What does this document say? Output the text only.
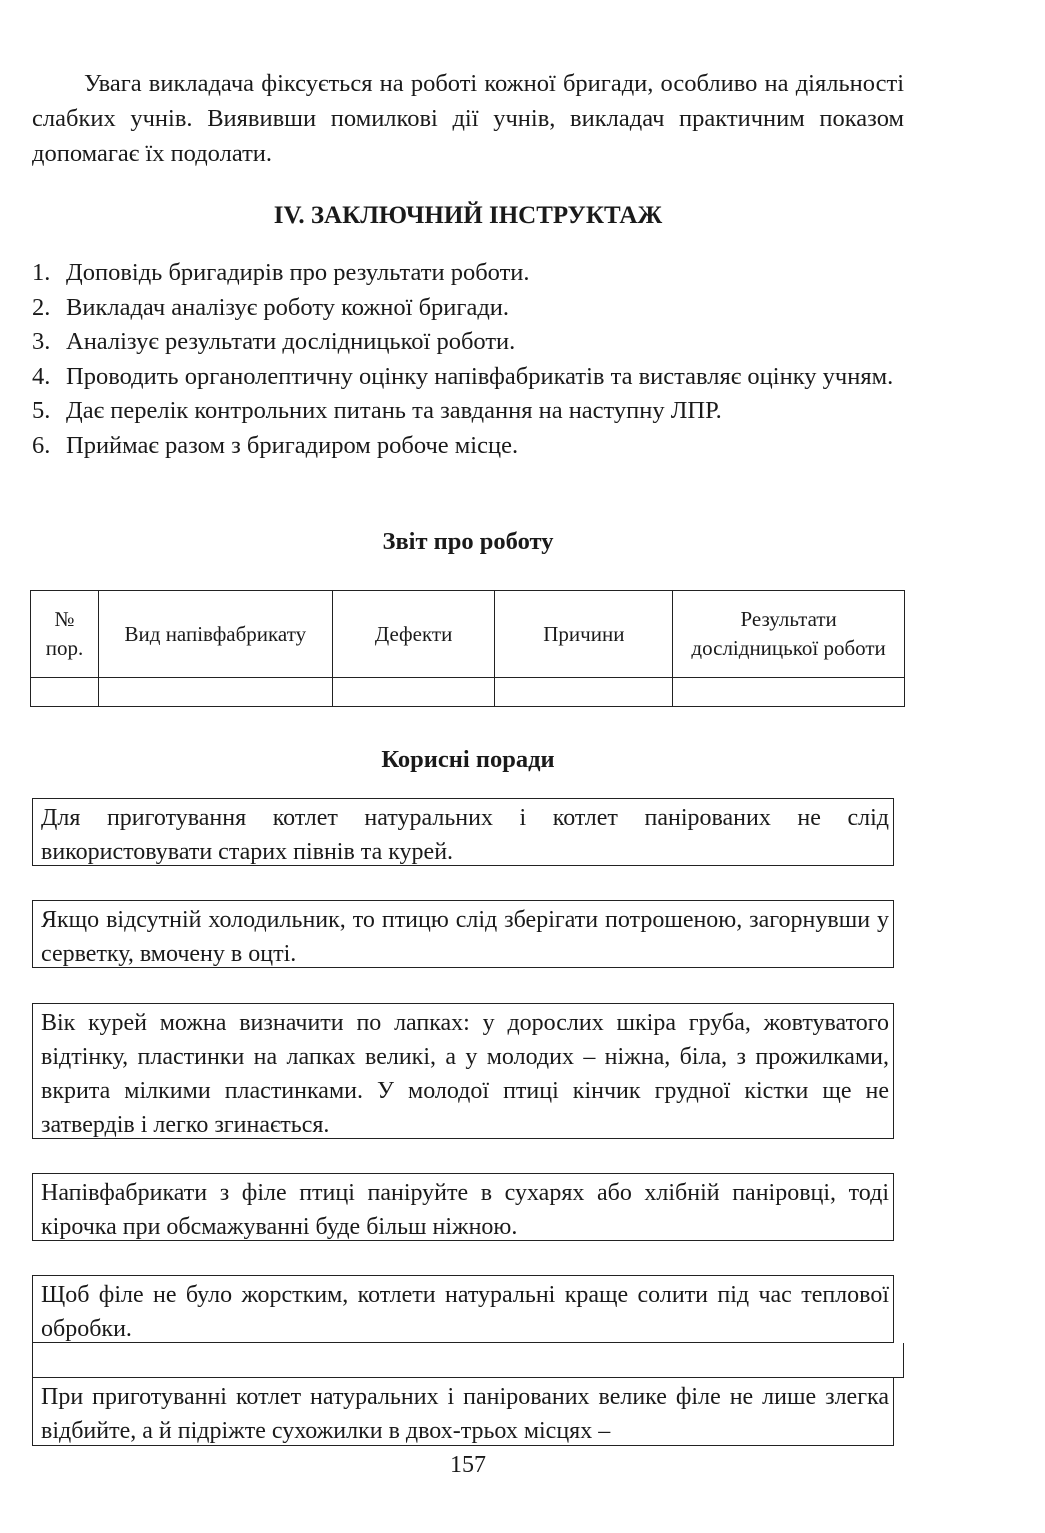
Увага викладача фіксується на роботі кожної бригади, особливо на діяльності слабких учнів. Виявивши помилкові дії учнів, викладач практичним показом допомагає їх подолати.

IV. ЗАКЛЮЧНИЙ ІНСТРУКТАЖ
1. Доповідь бригадирів про результати роботи.
2. Викладач аналізує роботу кожної бригади.
3. Аналізує результати дослідницької роботи.
4. Проводить органолептичну оцінку напівфабрикатів та виставляє оцінку учням.
5. Дає перелік контрольних питань та завдання на наступну ЛПР.
6. Приймає разом з бригадиром робоче місце.
Звіт про роботу
№ пор.	Вид напівфабрикату	Дефекти	Причини	Результати дослідницької роботи

Корисні поради
Для приготування котлет натуральних і котлет панірованих не слід використовувати старих півнів та курей.
Якщо відсутній холодильник, то птицю слід зберігати потрошеною, загорнувши у серветку, вмочену в оцті.
Вік курей можна визначити по лапках: у дорослих шкіра груба, жовтуватого відтінку, пластинки на лапках великі, а у молодих – ніжна, біла, з прожилками, вкрита мілкими пластинками. У молодої птиці кінчик грудної кістки ще не затвердів і легко згинається.
Напівфабрикати з філе птиці паніруйте в сухарях або хлібній паніровці, тоді кірочка при обсмажуванні буде більш ніжною.
Щоб філе не було жорстким, котлети натуральні краще солити під час теплової обробки.
При приготуванні котлет натуральних і панірованих велике філе не лише злегка відбийте, а й підріжте сухожилки в двох-трьох місцях –
157
